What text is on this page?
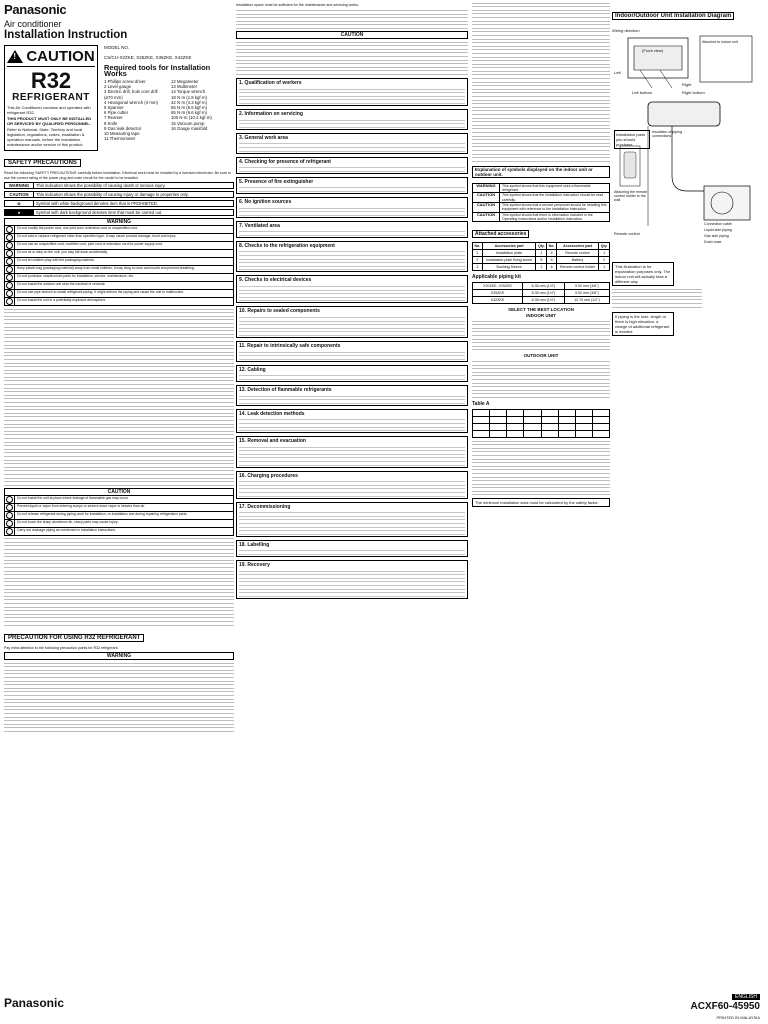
Panasonic
Air conditioner
Installation Instruction
!
CAUTION
R32
REFRIGERANT
This Air Conditioner contains and operates with refrigerant R32.
THIS PRODUCT MUST ONLY BE INSTALLED OR SERVICED BY QUALIFIED PERSONNEL.
Refer to National, State, Territory and local legislation, regulations, codes, installation & operation manuals, before the installation, maintenance and/or service of this product.
MODEL NO.
CS/CU-X2ZKE, X25ZKE, X35ZKE, X42ZKE
Required tools for Installation Works
1 Phillips screw driver
2 Level gauge
3 Electric drill, hole core drill (ø70 mm)
4 Hexagonal wrench (4 mm)
5 Spanner
6 Pipe cutter
7 Reamer
8 Knife
9 Gas leak detector
10 Measuring tape
11 Thermometer
12 Megameter
13 Multimeter
14 Torque wrench
18 N·m (1.8 kgf·m)
42 N·m (4.3 kgf·m)
55 N·m (5.6 kgf·m)
65 N·m (6.6 kgf·m)
100 N·m (10.2 kgf·m)
15 Vacuum pump
16 Gauge manifold
SAFETY PRECAUTIONS
Read the following 'SAFETY PRECAUTIONS' carefully before installation. Electrical work must be installed by a licensed electrician. Be sure to use the correct rating of the power plug and main circuit for the model to be installed.
WARNING	This indication shows the possibility of causing death or serious injury.
CAUTION	This indication shows the possibility of causing injury or damage to properties only.
⊘	Symbol with white background denotes item that is PROHIBITED.
●	Symbol with dark background denotes item that must be carried out.
WARNING
Do not modify the power cord, use joint cord, extension cord or unspecified cord.
Do not add or replace refrigerant other than specified type. It may cause product damage, burst and injury.
Do not use an unspecified cord, modified cord, joint cord or extension cord for power supply cord.
Do not sit or step on the unit, you may fall down accidentally.
Do not let children play with the packaging material.
Keep plastic bag (packaging material) away from small children, it may cling to nose and mouth and prevent breathing.
Do not purchase unauthorized parts for installation, service, maintenance, etc.
Do not install the outdoor unit near the handrail of veranda.
Do not use pipe wrench to install refrigerant piping. It might deform the piping and cause the unit to malfunction.
Do not install the unit in a potentially explosive atmosphere.
CAUTION
Do not install the unit at place where leakage of flammable gas may occur.
Prevent liquid or vapor from entering sumps or sewers since vapor is heavier than air.
Do not release refrigerant during piping work for installation, re-installation and during repairing refrigeration parts.
Do not touch the sharp aluminium fin, sharp parts may cause injury.
Carry out drainage piping as mentioned in installation instructions.
PRECAUTION FOR USING R32 REFRIGERANT
Pay extra attention to the following precaution points for R32 refrigerant.
WARNING
Panasonic
Installation space must be sufficient for the maintenance and servicing works.
CAUTION
1. Qualification of workers
2. Information on servicing
3. General work area
4. Checking for presence of refrigerant
5. Presence of fire extinguisher
6. No ignition sources
7. Ventilated area
8. Checks to the refrigeration equipment
9. Checks to electrical devices
10. Repairs to sealed components
11. Repair to intrinsically safe components
12. Cabling
13. Detection of flammable refrigerants
14. Leak detection methods
15. Removal and evacuation
16. Charging procedures
17. Decommissioning
18. Labelling
19. Recovery
Explanation of symbols displayed on the indoor unit or outdoor unit.
WARNING	This symbol shows that this equipment uses a flammable refrigerant.
CAUTION	This symbol shows that the Installation Instruction should be read carefully.
CAUTION	This symbol shows that a service personnel should be handling this equipment with reference to the Installation Instruction.
CAUTION	This symbol shows that there is information included in the Operating Instructions and/or Installation Instruction.
Attached accessories
No.	Accessories part	Qty.	No.	Accessories part	Qty.
1	Installation plate	1	4	Remote control	1
2	Installation plate fixing screw	5	5	Battery	2
3	Bushing-Sleeve	1	6	Remote control holder	1
Applicable piping kit
X20ZKE, X25ZKE	6.35 mm (1/4")	9.52 mm (3/8")
X35ZKE	6.35 mm (1/4")	9.52 mm (3/8")
X42ZKE	6.35 mm (1/4")	12.70 mm (1/2")
SELECT THE BEST LOCATION
INDOOR UNIT
OUTDOOR UNIT
Table A

The minimum installation area must be calculated by the safety factor.
Indoor/Outdoor Unit Installation Diagram
Wiring direction
(Front view)
Attached to indoor unit
Left
Right
Left bottom	Right bottom
Installation parts you should purchase
Insulation of piping connections
Attaching the remote control holder to the wall
Remote control
Connection cable
Liquid side piping
Gas side piping
Drain hose
This illustration is for explanation purposes only. The indoor unit will actually face a different way.
If piping is the max. length or there is high elevation, a charge of additional refrigerant is needed.
ENGLISH
ACXF60-45950
PRINTED IN MALAYSIA
